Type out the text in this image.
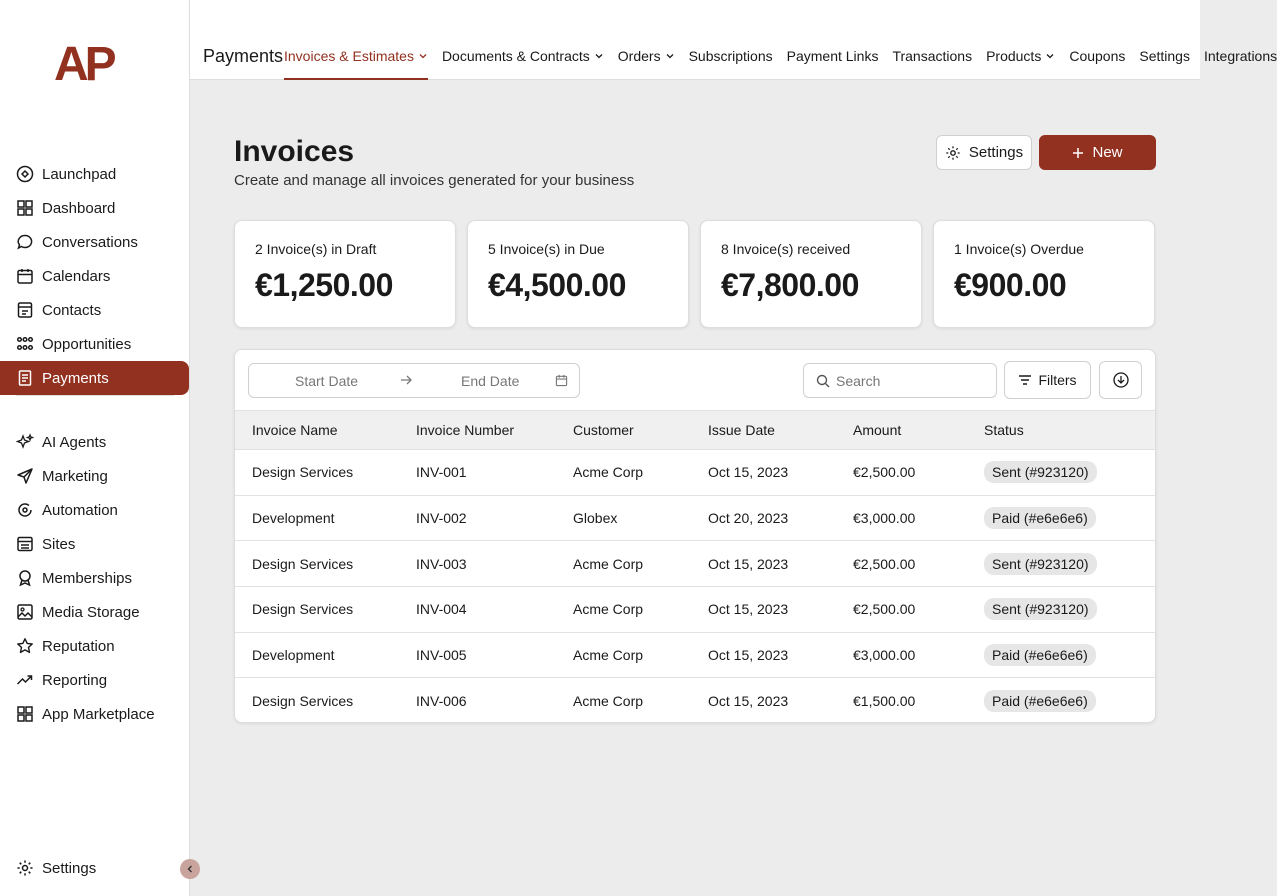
AP
Launchpad
Dashboard
Conversations
Calendars
Contacts
Opportunities
Payments
AI Agents
Marketing
Automation
Sites
Memberships
Media Storage
Reputation
Reporting
App Marketplace
Settings
Payments Invoices & Estimates Documents & Contracts Orders Subscriptions Payment Links Transactions Products Coupons Settings Integrations
Invoices
Create and manage all invoices generated for your business
Settings	New
2 Invoice(s) in Draft
€1,250.00
5 Invoice(s) in Due
€4,500.00
8 Invoice(s) received
€7,800.00
1 Invoice(s) Overdue
€900.00
Start Date	End Date
Search	Filters
Invoice Name	Invoice Number	Customer	Issue Date	Amount	Status
Design Services	INV-001	Acme Corp	Oct 15, 2023	€2,500.00	Sent (#923120)
Development	INV-002	Globex	Oct 20, 2023	€3,000.00	Paid (#e6e6e6)
Design Services	INV-003	Acme Corp	Oct 15, 2023	€2,500.00	Sent (#923120)
Design Services	INV-004	Acme Corp	Oct 15, 2023	€2,500.00	Sent (#923120)
Development	INV-005	Acme Corp	Oct 15, 2023	€3,000.00	Paid (#e6e6e6)
Design Services	INV-006	Acme Corp	Oct 15, 2023	€1,500.00	Paid (#e6e6e6)
